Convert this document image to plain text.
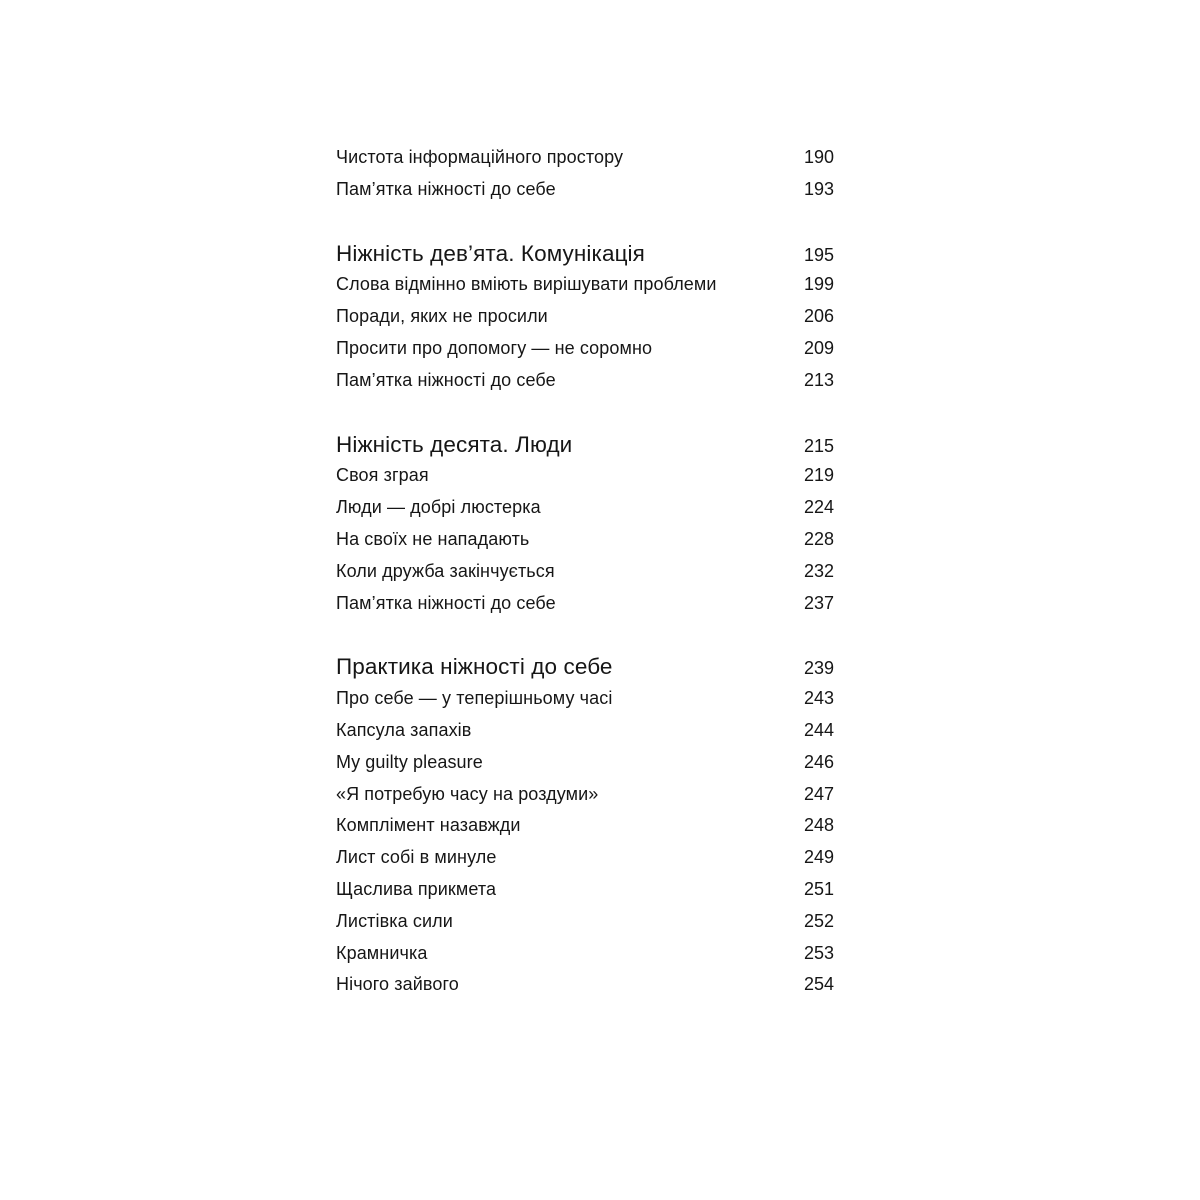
Чистота інформаційного простору	190
Пам’ятка ніжності до себе	193
Ніжність дев’ята. Комунікація	195
Слова відмінно вміють вирішувати проблеми	199
Поради, яких не просили	206
Просити про допомогу — не соромно	209
Пам’ятка ніжності до себе	213
Ніжність десята. Люди	215
Своя зграя	219
Люди — добрі люстерка	224
На своїх не нападають	228
Коли дружба закінчується	232
Пам’ятка ніжності до себе	237
Практика ніжності до себе	239
Про себе — у теперішньому часі	243
Капсула запахів	244
My guilty pleasure	246
«Я потребую часу на роздуми»	247
Комплімент назавжди	248
Лист собі в минуле	249
Щаслива прикмета	251
Листівка сили	252
Крамничка	253
Нічого зайвого	254
